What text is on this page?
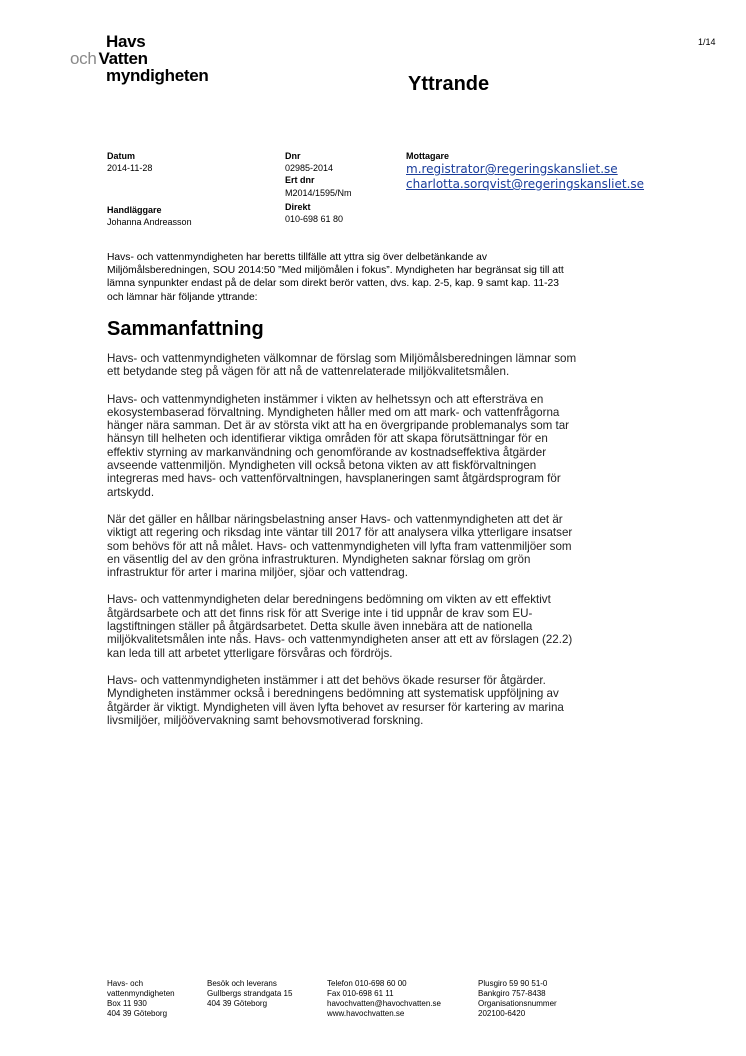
Havs
och Vatten
myndigheten
1/14
Yttrande
Datum
2014-11-28
Handläggare
Johanna Andreasson
Dnr
02985-2014
Ert dnr
M2014/1595/Nm
Direkt
010-698 61 80
Mottagare
m.registrator@regeringskansliet.se
charlotta.sorqvist@regeringskansliet.se
Havs- och vattenmyndigheten har beretts tillfälle att yttra sig över delbetänkande av Miljömålsberedningen, SOU 2014:50 ”Med miljömålen i fokus”. Myndigheten har begränsat sig till att lämna synpunkter endast på de delar som direkt berör vatten, dvs. kap. 2-5, kap. 9 samt kap. 11-23 och lämnar här följande yttrande:
Sammanfattning

Havs- och vattenmyndigheten välkomnar de förslag som Miljömålsberedningen lämnar som ett betydande steg på vägen för att nå de vattenrelaterade miljökvalitetsmålen.

Havs- och vattenmyndigheten instämmer i vikten av helhetssyn och att eftersträva en ekosystembaserad förvaltning. Myndigheten håller med om att mark- och vattenfrågorna hänger nära samman. Det är av största vikt att ha en övergripande problemanalys som tar hänsyn till helheten och identifierar viktiga områden för att skapa förutsättningar för en effektiv styrning av markanvändning och genomförande av kostnadseffektiva åtgärder avseende vattenmiljön. Myndigheten vill också betona vikten av att fiskförvaltningen integreras med havs- och vattenförvaltningen, havsplaneringen samt åtgärdsprogram för artskydd.

När det gäller en hållbar näringsbelastning anser Havs- och vattenmyndigheten att det är viktigt att regering och riksdag inte väntar till 2017 för att analysera vilka ytterligare insatser som behövs för att nå målet. Havs- och vattenmyndigheten vill lyfta fram vattenmiljöer som en väsentlig del av den gröna infrastrukturen. Myndigheten saknar förslag om grön infrastruktur för arter i marina miljöer, sjöar och vattendrag.

Havs- och vattenmyndigheten delar beredningens bedömning om vikten av ett effektivt åtgärdsarbete och att det finns risk för att Sverige inte i tid uppnår de krav som EU-lagstiftningen ställer på åtgärdsarbetet. Detta skulle även innebära att de nationella miljökvalitetsmålen inte nås. Havs- och vattenmyndigheten anser att ett av förslagen (22.2) kan leda till att arbetet ytterligare försvåras och fördröjs.

Havs- och vattenmyndigheten instämmer i att det behövs ökade resurser för åtgärder. Myndigheten instämmer också i beredningens bedömning att systematisk uppföljning av åtgärder är viktigt. Myndigheten vill även lyfta behovet av resurser för kartering av marina livsmiljöer, miljöövervakning samt behovsmotiverad forskning.

Havs- och
vattenmyndigheten
Box 11 930
404 39 Göteborg
Besök och leverans
Gullbergs strandgata 15
404 39 Göteborg
Telefon 010-698 60 00
Fax 010-698 61 11
havochvatten@havochvatten.se
www.havochvatten.se
Plusgiro 59 90 51-0
Bankgiro 757-8438
Organisationsnummer
202100-6420
